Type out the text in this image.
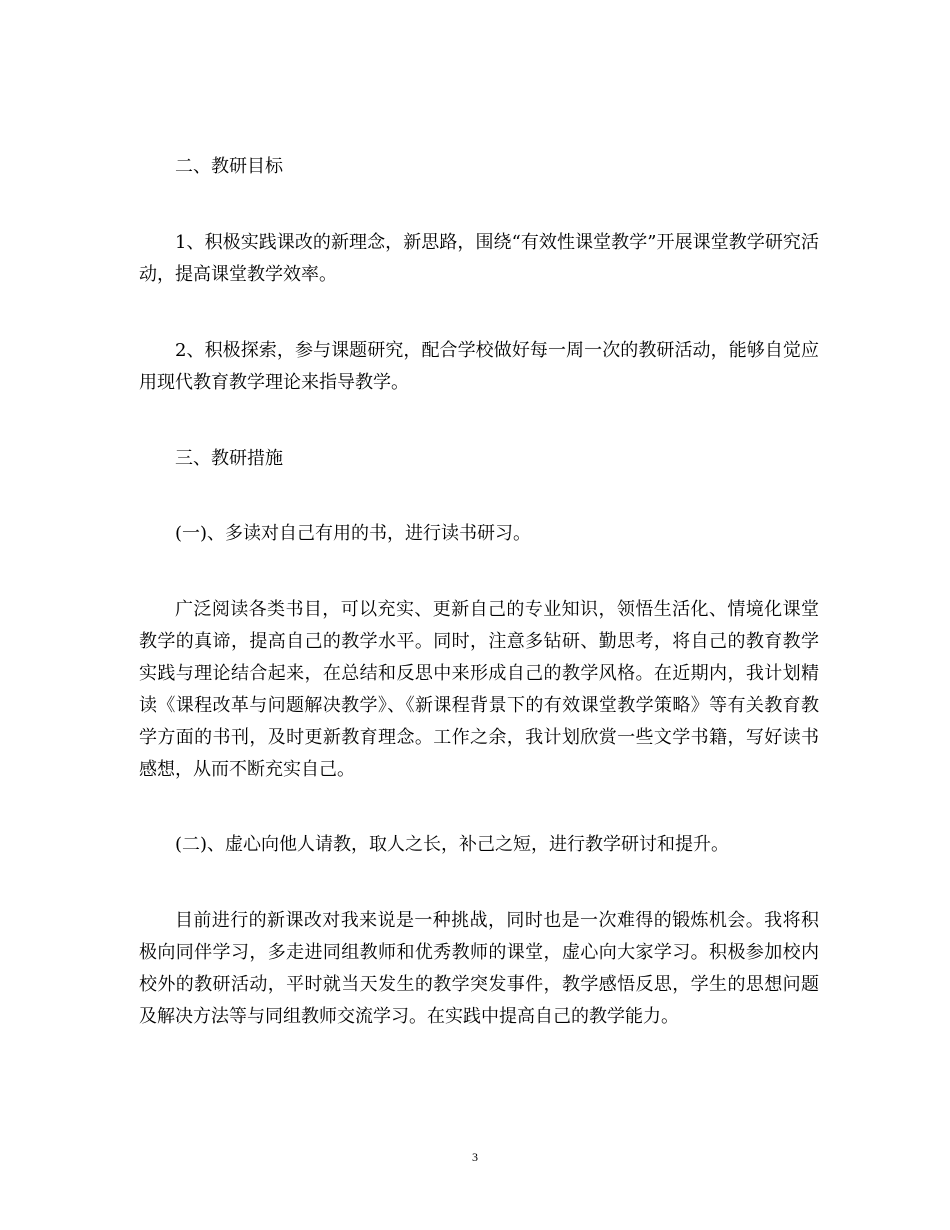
二、教研目标

1、积极实践课改的新理念，新思路，围绕“有效性课堂教学”开展课堂教学研究活动，提高课堂教学效率。

2、积极探索，参与课题研究，配合学校做好每一周一次的教研活动，能够自觉应用现代教育教学理论来指导教学。

三、教研措施

(一)、多读对自己有用的书，进行读书研习。

广泛阅读各类书目，可以充实、更新自己的专业知识，领悟生活化、情境化课堂教学的真谛，提高自己的教学水平。同时，注意多钻研、勤思考，将自己的教育教学实践与理论结合起来，在总结和反思中来形成自己的教学风格。在近期内，我计划精读《课程改革与问题解决教学》、《新课程背景下的有效课堂教学策略》等有关教育教学方面的书刊，及时更新教育理念。工作之余，我计划欣赏一些文学书籍，写好读书感想，从而不断充实自己。

(二)、虚心向他人请教，取人之长，补己之短，进行教学研讨和提升。

目前进行的新课改对我来说是一种挑战，同时也是一次难得的锻炼机会。我将积极向同伴学习，多走进同组教师和优秀教师的课堂，虚心向大家学习。积极参加校内校外的教研活动，平时就当天发生的教学突发事件，教学感悟反思，学生的思想问题及解决方法等与同组教师交流学习。在实践中提高自己的教学能力。

3
